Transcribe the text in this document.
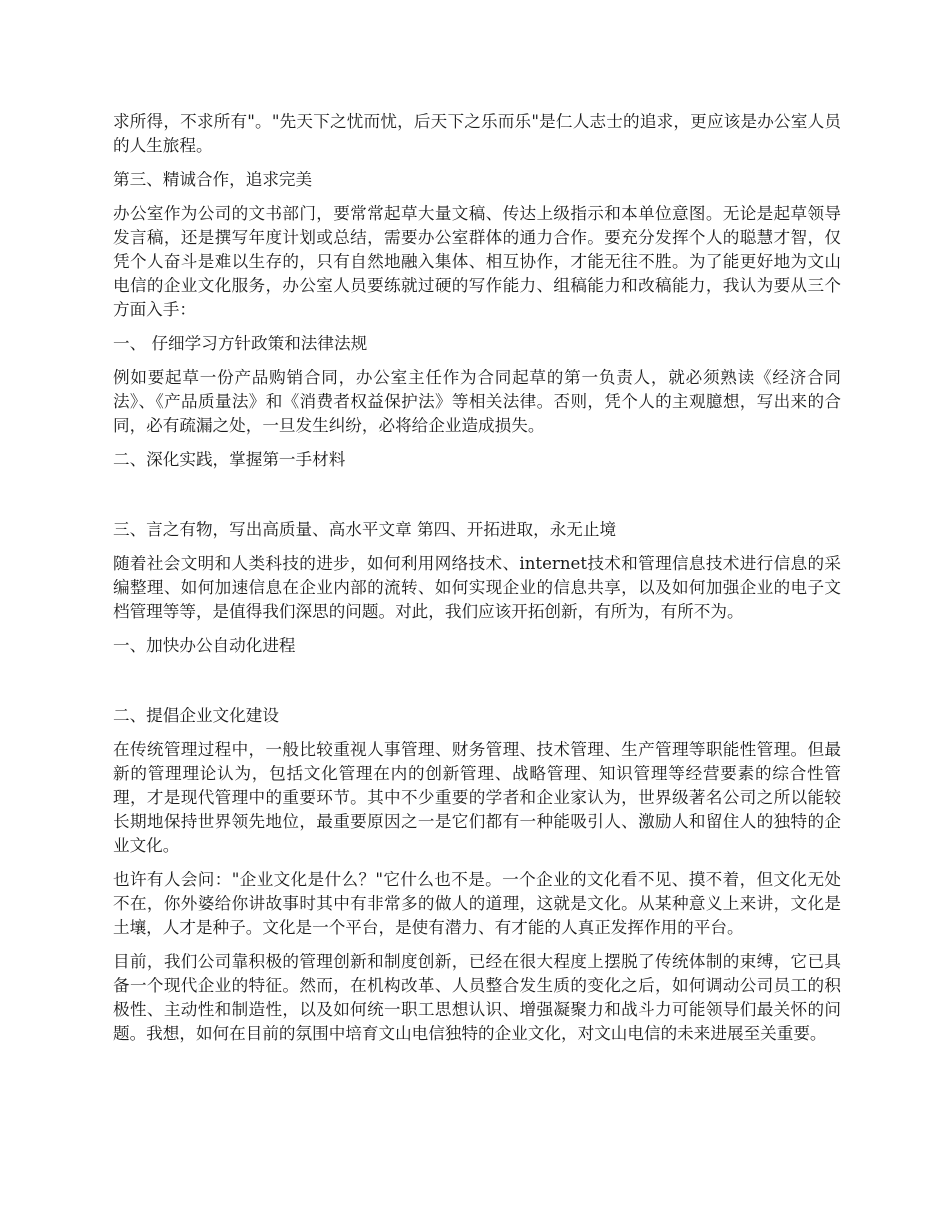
求所得，不求所有"。"先天下之忧而忧，后天下之乐而乐"是仁人志士的追求，更应该是办公室人员的人生旅程。

第三、精诚合作，追求完美

办公室作为公司的文书部门，要常常起草大量文稿、传达上级指示和本单位意图。无论是起草领导发言稿，还是撰写年度计划或总结，需要办公室群体的通力合作。要充分发挥个人的聪慧才智，仅凭个人奋斗是难以生存的，只有自然地融入集体、相互协作，才能无往不胜。为了能更好地为文山电信的企业文化服务，办公室人员要练就过硬的写作能力、组稿能力和改稿能力，我认为要从三个方面入手：

一、 仔细学习方针政策和法律法规

例如要起草一份产品购销合同，办公室主任作为合同起草的第一负责人，就必须熟读《经济合同法》、《产品质量法》和《消费者权益保护法》等相关法律。否则，凭个人的主观臆想，写出来的合同，必有疏漏之处，一旦发生纠纷，必将给企业造成损失。

二、深化实践，掌握第一手材料

三、言之有物，写出高质量、高水平文章 第四、开拓进取，永无止境

随着社会文明和人类科技的进步，如何利用网络技术、internet技术和管理信息技术进行信息的采编整理、如何加速信息在企业内部的流转、如何实现企业的信息共享，以及如何加强企业的电子文档管理等等，是值得我们深思的问题。对此，我们应该开拓创新，有所为，有所不为。

一、加快办公自动化进程

二、提倡企业文化建设

在传统管理过程中，一般比较重视人事管理、财务管理、技术管理、生产管理等职能性管理。但最新的管理理论认为，包括文化管理在内的创新管理、战略管理、知识管理等经营要素的综合性管理，才是现代管理中的重要环节。其中不少重要的学者和企业家认为，世界级著名公司之所以能较长期地保持世界领先地位，最重要原因之一是它们都有一种能吸引人、激励人和留住人的独特的企业文化。

也许有人会问："企业文化是什么？"它什么也不是。一个企业的文化看不见、摸不着，但文化无处不在，你外婆给你讲故事时其中有非常多的做人的道理，这就是文化。从某种意义上来讲，文化是土壤，人才是种子。文化是一个平台，是使有潜力、有才能的人真正发挥作用的平台。

目前，我们公司靠积极的管理创新和制度创新，已经在很大程度上摆脱了传统体制的束缚，它已具备一个现代企业的特征。然而，在机构改革、人员整合发生质的变化之后，如何调动公司员工的积极性、主动性和制造性，以及如何统一职工思想认识、增强凝聚力和战斗力可能领导们最关怀的问题。我想，如何在目前的氛围中培育文山电信独特的企业文化，对文山电信的未来进展至关重要。
